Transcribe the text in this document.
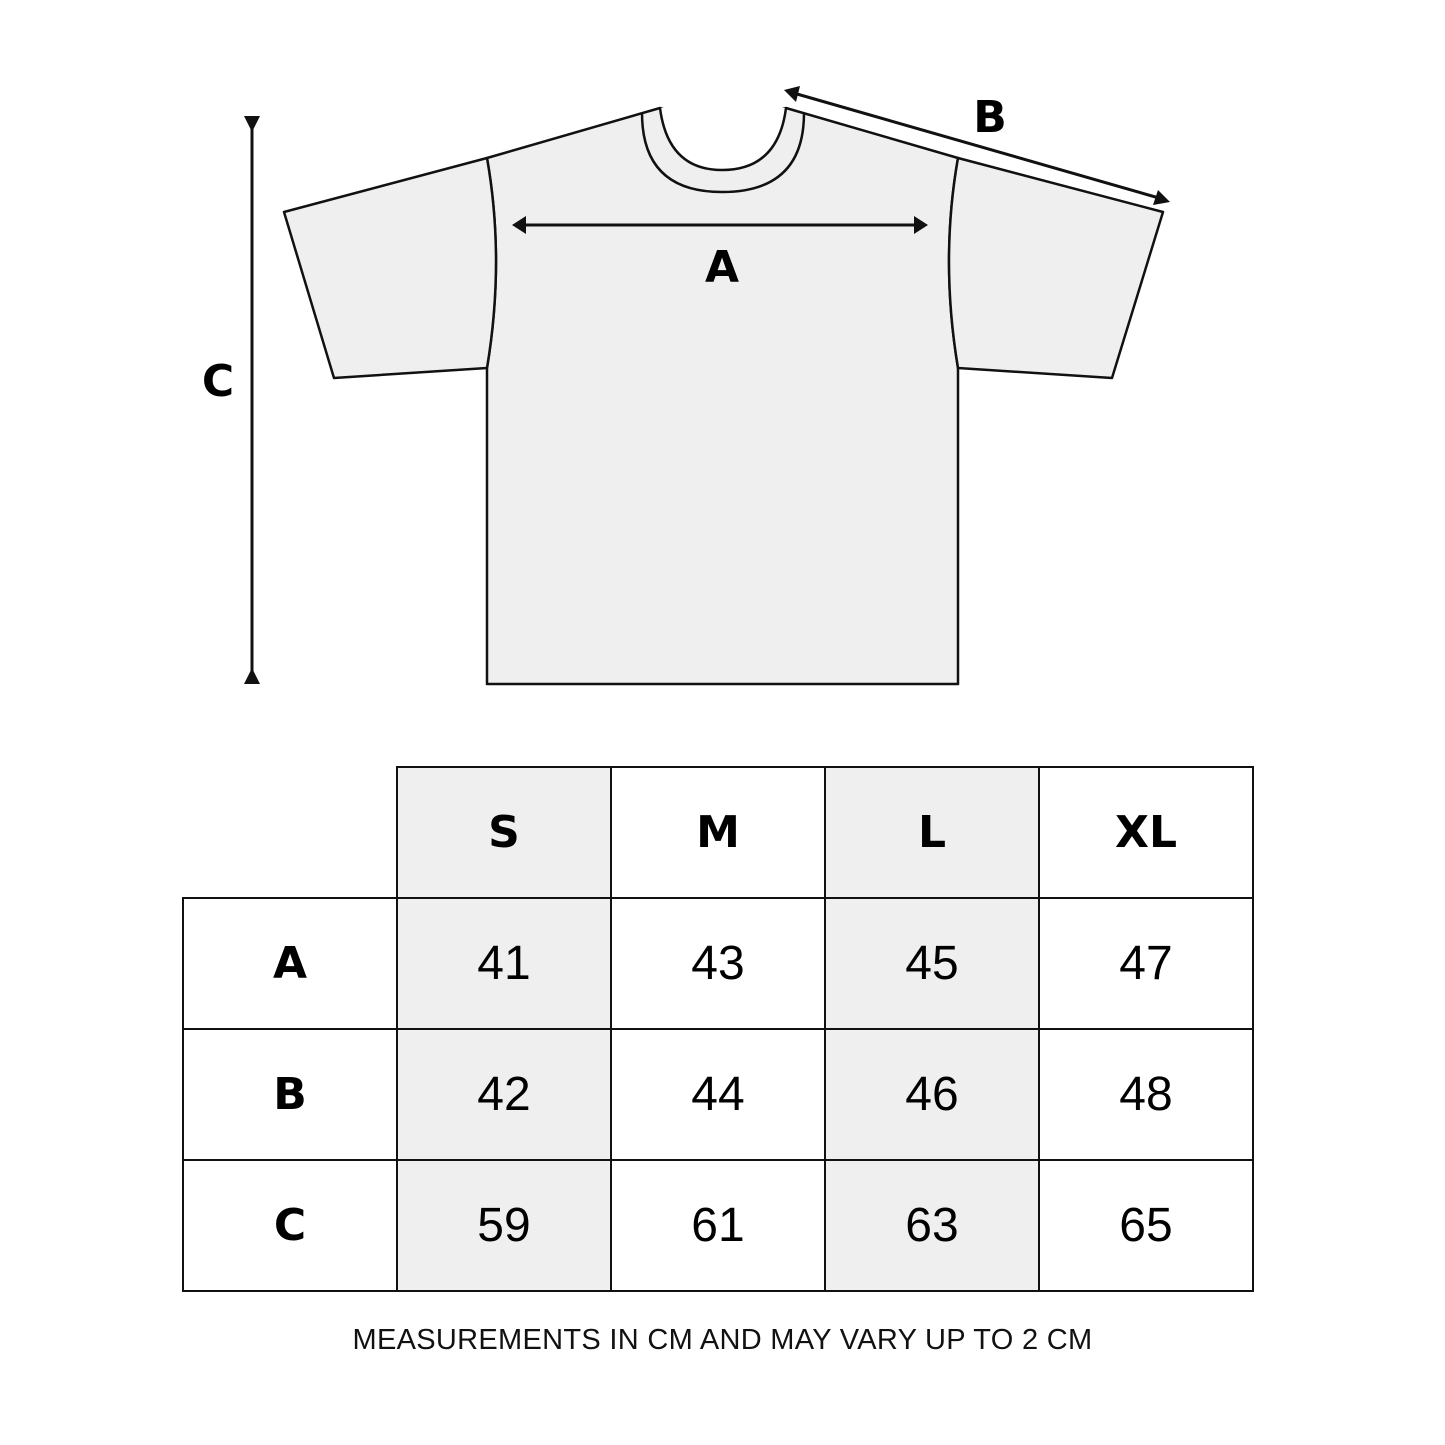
A
B
C
	S	M	L	XL
A	41	43	45	47
B	42	44	46	48
C	59	61	63	65
MEASUREMENTS IN CM AND MAY VARY UP TO 2 CM
